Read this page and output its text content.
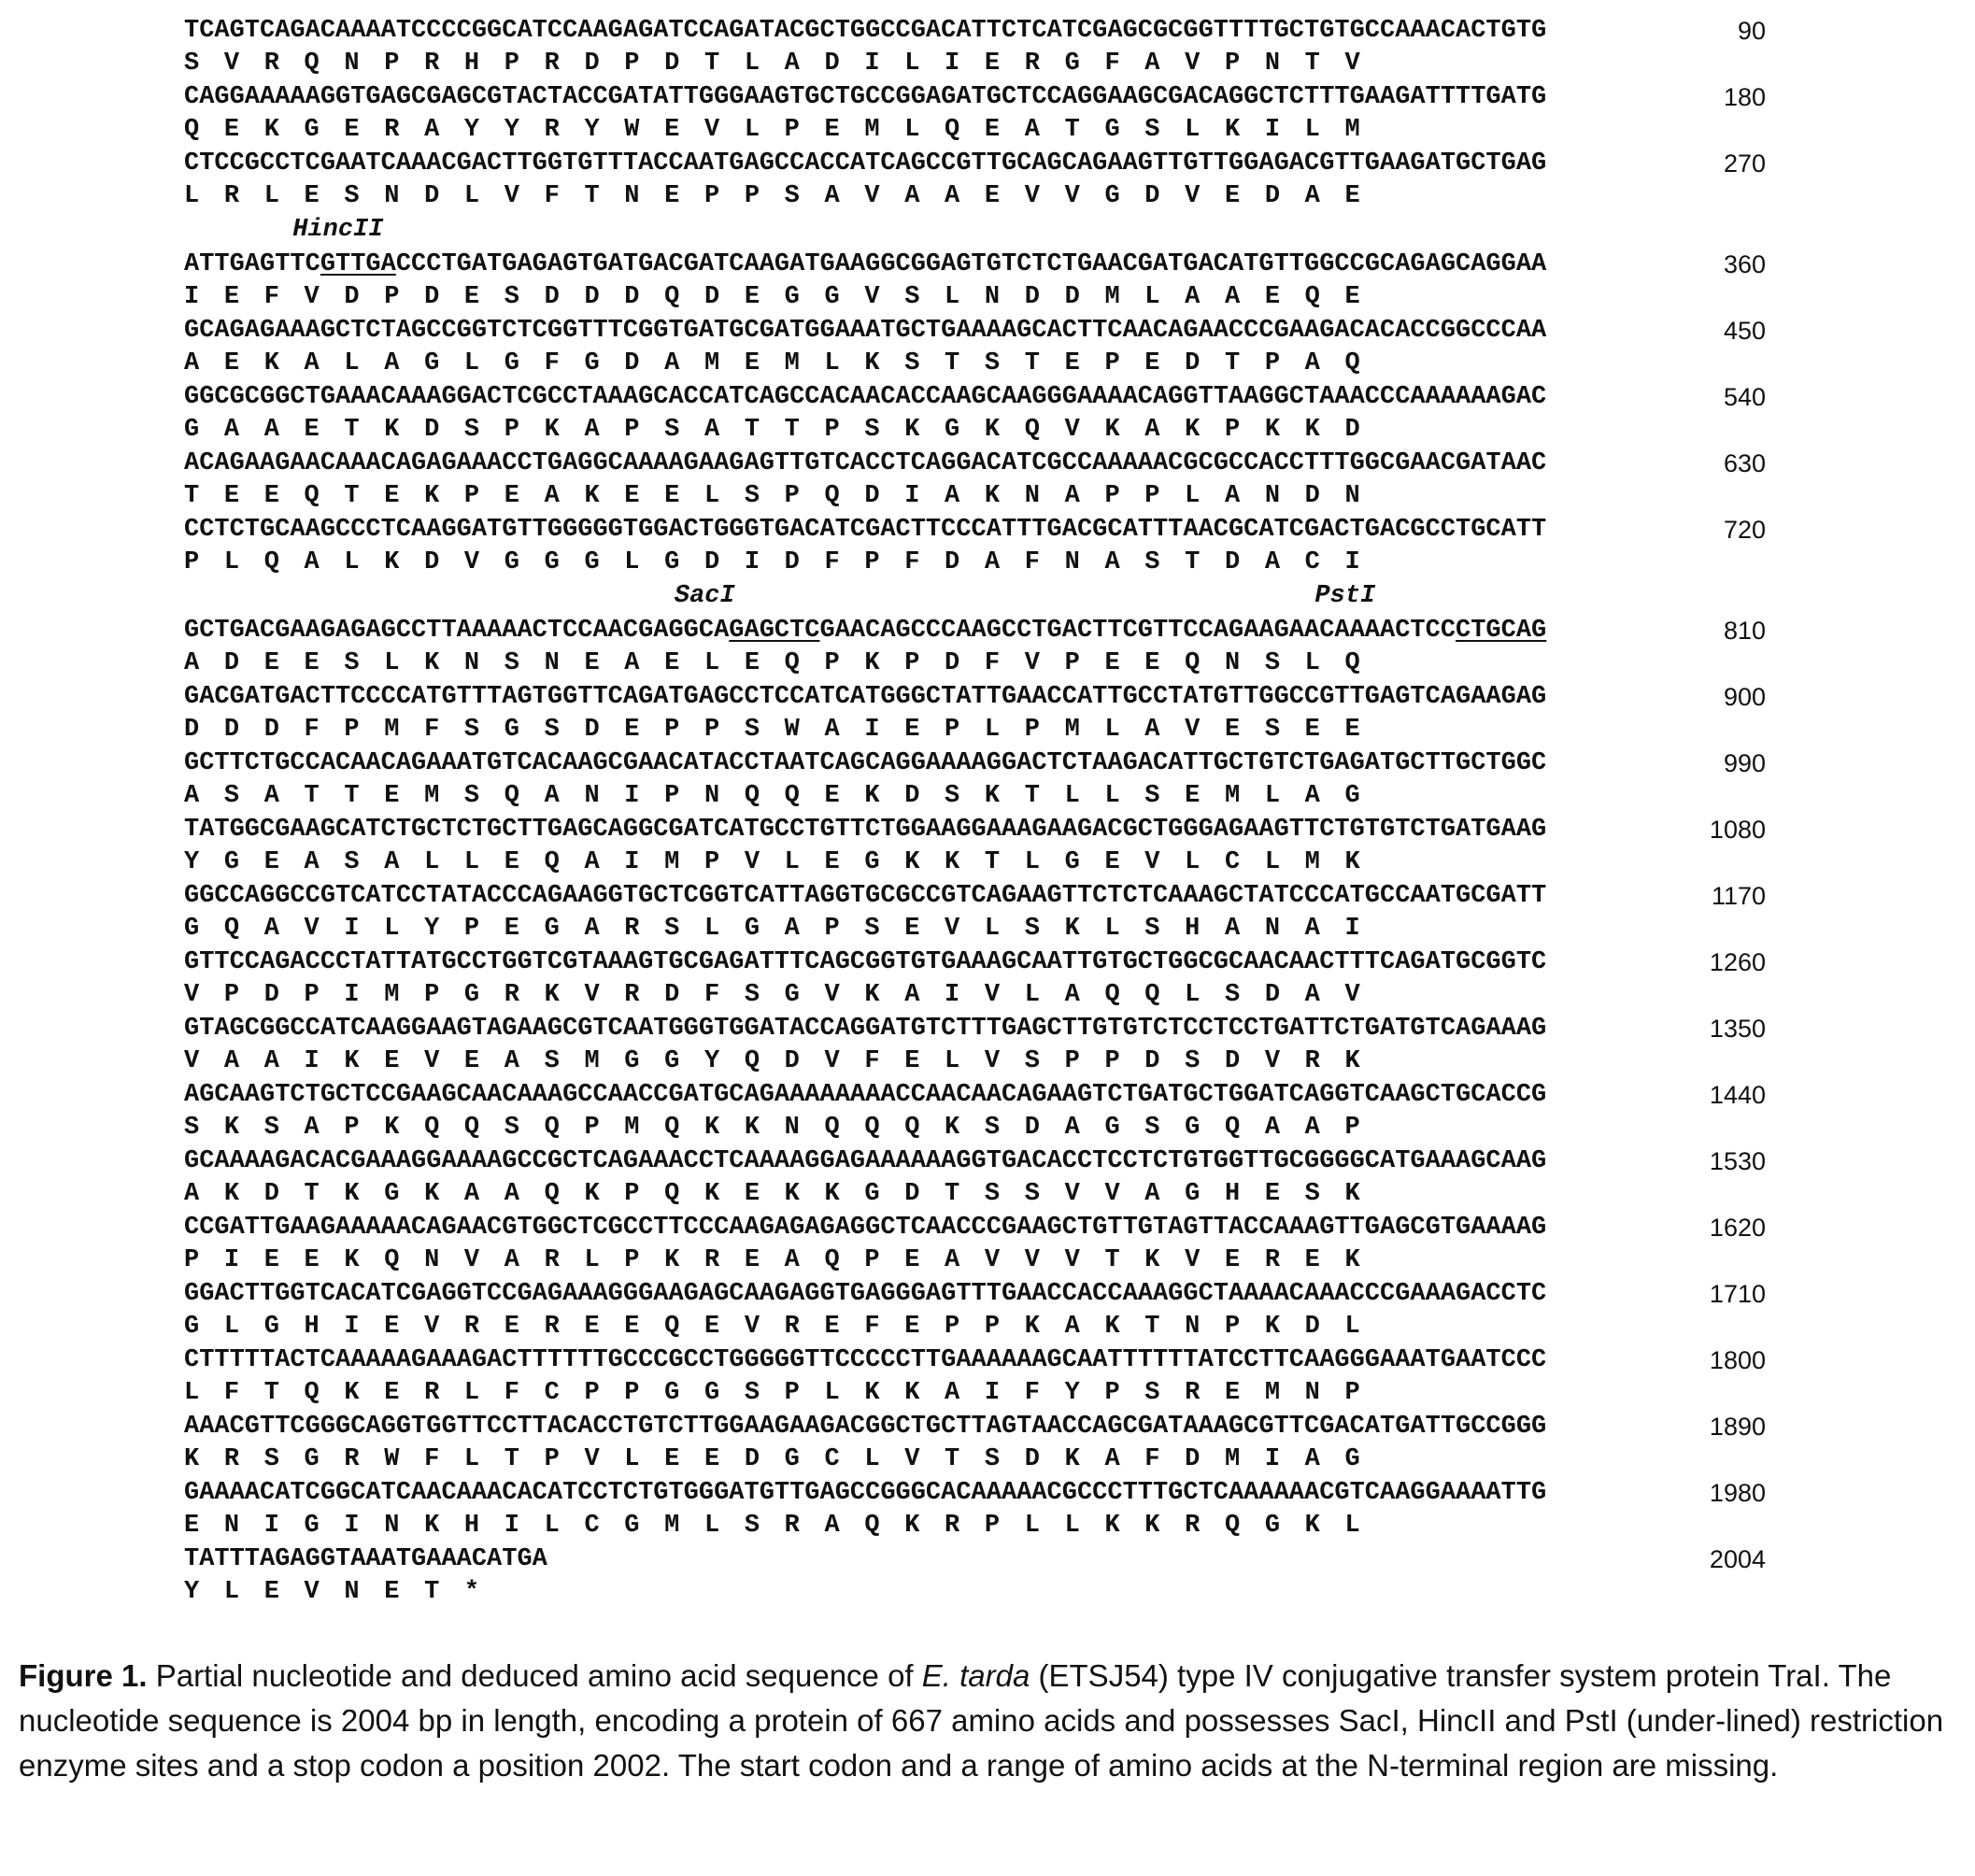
TCAGTCAGACAAAATCCCCGGCATCCAAGAGATCCAGATACGCTGGCCGACATTCTCATCGAGCGCGGTTTTGCTGTGCCAAACACTGTG	90
S V R Q N P R H P R D P D T L A D I L I E R G F A V P N T V
CAGGAAAAAGGTGAGCGAGCGTACTACCGATATTGGGAAGTGCTGCCGGAGATGCTCCAGGAAGCGACAGGCTCTTTGAAGATTTTGATG	180
Q E K G E R A Y Y R Y W E V L P E M L Q E A T G S L K I L M
CTCCGCCTCGAATCAAACGACTTGGTGTTTACCAATGAGCCACCATCAGCCGTTGCAGCAGAAGTTGTTGGAGACGTTGAAGATGCTGAG	270
L R L E S N D L V F T N E P P S A V A A E V V G D V E D A E
HincII
ATTGAGTTCGTTGACCCTGATGAGAGTGATGACGATCAAGATGAAGGCGGAGTGTCTCTGAACGATGACATGTTGGCCGCAGAGCAGGAA	360
I E F V D P D E S D D D Q D E G G V S L N D D M L A A E Q E
GCAGAGAAAGCTCTAGCCGGTCTCGGTTTCGGTGATGCGATGGAAATGCTGAAAAGCACTTCAACAGAACCCGAAGACACACCGGCCCAA	450
A E K A L A G L G F G D A M E M L K S T S T E P E D T P A Q
GGCGCGGCTGAAACAAAGGACTCGCCTAAAGCACCATCAGCCACAACACCAAGCAAGGGAAAACAGGTTAAGGCTAAACCCAAAAAAGAC	540
G A A E T K D S P K A P S A T T P S K G K Q V K A K P K K D
ACAGAAGAACAAACAGAGAAACCTGAGGCAAAAGAAGAGTTGTCACCTCAGGACATCGCCAAAAACGCGCCACCTTTGGCGAACGATAAC	630
T E E Q T E K P E A K E E L S P Q D I A K N A P P L A N D N
CCTCTGCAAGCCCTCAAGGATGTTGGGGGTGGACTGGGTGACATCGACTTCCCATTTGACGCATTTAACGCATCGACTGACGCCTGCATT	720
P L Q A L K D V G G G L G D I D F P F D A F N A S T D A C I
SacI	PstI
GCTGACGAAGAGAGCCTTAAAAACTCCAACGAGGCAGAGCTCGAACAGCCCAAGCCTGACTTCGTTCCAGAAGAACAAAACTCCCTGCAG	810
A D E E S L K N S N E A E L E Q P K P D F V P E E Q N S L Q
GACGATGACTTCCCCATGTTTAGTGGTTCAGATGAGCCTCCATCATGGGCTATTGAACCATTGCCTATGTTGGCCGTTGAGTCAGAAGAG	900
D D D F P M F S G S D E P P S W A I E P L P M L A V E S E E
GCTTCTGCCACAACAGAAATGTCACAAGCGAACATACCTAATCAGCAGGAAAAGGACTCTAAGACATTGCTGTCTGAGATGCTTGCTGGC	990
A S A T T E M S Q A N I P N Q Q E K D S K T L L S E M L A G
TATGGCGAAGCATCTGCTCTGCTTGAGCAGGCGATCATGCCTGTTCTGGAAGGAAAGAAGACGCTGGGAGAAGTTCTGTGTCTGATGAAG	1080
Y G E A S A L L E Q A I M P V L E G K K T L G E V L C L M K
GGCCAGGCCGTCATCCTATACCCAGAAGGTGCTCGGTCATTAGGTGCGCCGTCAGAAGTTCTCTCAAAGCTATCCCATGCCAATGCGATT	1170
G Q A V I L Y P E G A R S L G A P S E V L S K L S H A N A I
GTTCCAGACCCTATTATGCCTGGTCGTAAAGTGCGAGATTTCAGCGGTGTGAAAGCAATTGTGCTGGCGCAACAACTTTCAGATGCGGTC	1260
V P D P I M P G R K V R D F S G V K A I V L A Q Q L S D A V
GTAGCGGCCATCAAGGAAGTAGAAGCGTCAATGGGTGGATACCAGGATGTCTTTGAGCTTGTGTCTCCTCCTGATTCTGATGTCAGAAAG	1350
V A A I K E V E A S M G G Y Q D V F E L V S P P D S D V R K
AGCAAGTCTGCTCCGAAGCAACAAAGCCAACCGATGCAGAAAAAAAACCAACAACAGAAGTCTGATGCTGGATCAGGTCAAGCTGCACCG	1440
S K S A P K Q Q S Q P M Q K K N Q Q Q K S D A G S G Q A A P
GCAAAAGACACGAAAGGAAAAGCCGCTCAGAAACCTCAAAAGGAGAAAAAAGGTGACACCTCCTCTGTGGTTGCGGGGCATGAAAGCAAG	1530
A K D T K G K A A Q K P Q K E K K G D T S S V V A G H E S K
CCGATTGAAGAAAAACAGAACGTGGCTCGCCTTCCCAAGAGAGAGGCTCAACCCGAAGCTGTTGTAGTTACCAAAGTTGAGCGTGAAAAG	1620
P I E E K Q N V A R L P K R E A Q P E A V V V T K V E R E K
GGACTTGGTCACATCGAGGTCCGAGAAAGGGAAGAGCAAGAGGTGAGGGAGTTTGAACCACCAAAGGCTAAAACAAACCCGAAAGACCTC	1710
G L G H I E V R E R E E Q E V R E F E P P K A K T N P K D L
CTTTTTACTCAAAAAGAAAGACTTTTTTGCCCGCCTGGGGGTTCCCCCTTGAAAAAAGCAATTTTTTATCCTTCAAGGGAAATGAATCCC	1800
L F T Q K E R L F C P P G G S P L K K A I F Y P S R E M N P
AAACGTTCGGGCAGGTGGTTCCTTACACCTGTCTTGGAAGAAGACGGCTGCTTAGTAACCAGCGATAAAGCGTTCGACATGATTGCCGGG	1890
K R S G R W F L T P V L E E D G C L V T S D K A F D M I A G
GAAAACATCGGCATCAACAAACACATCCTCTGTGGGATGTTGAGCCGGGCACAAAAACGCCCTTTGCTCAAAAAACGTCAAGGAAAATTG	1980
E N I G I N K H I L C G M L S R A Q K R P L L K K R Q G K L
TATTTAGAGGTAAATGAAACATGA	2004
Y L E V N E T *
Figure 1. Partial nucleotide and deduced amino acid sequence of E. tarda (ETSJ54) type IV conjugative transfer system protein TraI. The nucleotide sequence is 2004 bp in length, encoding a protein of 667 amino acids and possesses SacI, HincII and PstI (under-lined) restriction enzyme sites and a stop codon a position 2002. The start codon and a range of amino acids at the N-terminal region are missing.
